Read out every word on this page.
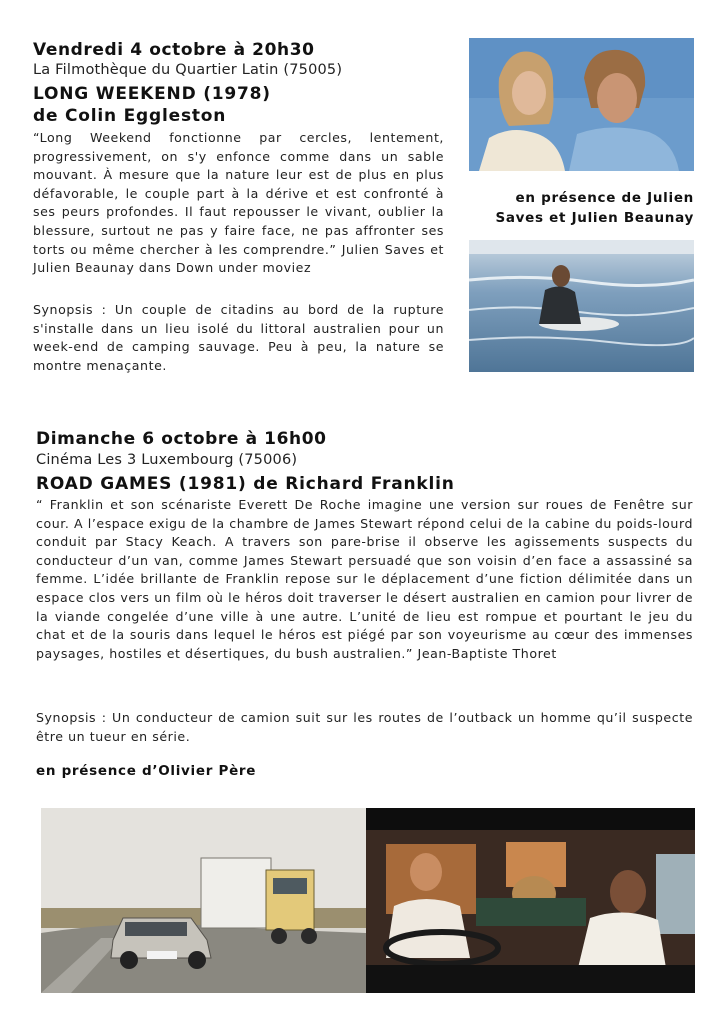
Vendredi 4 octobre à 20h30
La Filmothèque du Quartier Latin (75005)
LONG WEEKEND (1978)
de Colin Eggleston
“Long Weekend fonctionne par cercles, lentement, progressivement, on s'y enfonce comme dans un sable mouvant. À mesure que la nature leur est de plus en plus défavorable, le couple part à la dérive et est confronté à ses peurs profondes. Il faut repousser le vivant, oublier la blessure, surtout ne pas y faire face, ne pas affronter ses torts ou même chercher à les comprendre.” Julien Saves et Julien Beaunay dans Down under moviez
Synopsis : Un couple de citadins au bord de la rupture s'installe dans un lieu isolé du littoral australien pour un week-end de camping sauvage. Peu à peu, la nature se montre menaçante.
en présence de Julien Saves et Julien Beaunay
Dimanche 6 octobre à 16h00
Cinéma Les 3 Luxembourg (75006)
ROAD GAMES (1981) de Richard Franklin
“ Franklin et son scénariste Everett De Roche imagine une version sur roues de Fenêtre sur cour. A l’espace exigu de la chambre de James Stewart répond celui de la cabine du poids-lourd conduit par Stacy Keach. A travers son pare-brise il observe les agissements suspects du conducteur d’un van, comme James Stewart persuadé que son voisin d’en face a assassiné sa femme. L’idée brillante de Franklin repose sur le déplacement d’une fiction délimitée dans un espace clos vers un film où le héros doit traverser le désert australien en camion pour livrer de la viande congelée d’une ville à une autre. L’unité de lieu est rompue et pourtant le jeu du chat et de la souris dans lequel le héros est piégé par son voyeurisme au cœur des immenses paysages, hostiles et désertiques, du bush australien.” Jean-Baptiste Thoret
Synopsis : Un conducteur de camion suit sur les routes de l’outback un homme qu’il suspecte être un tueur en série.
en présence d’Olivier Père
